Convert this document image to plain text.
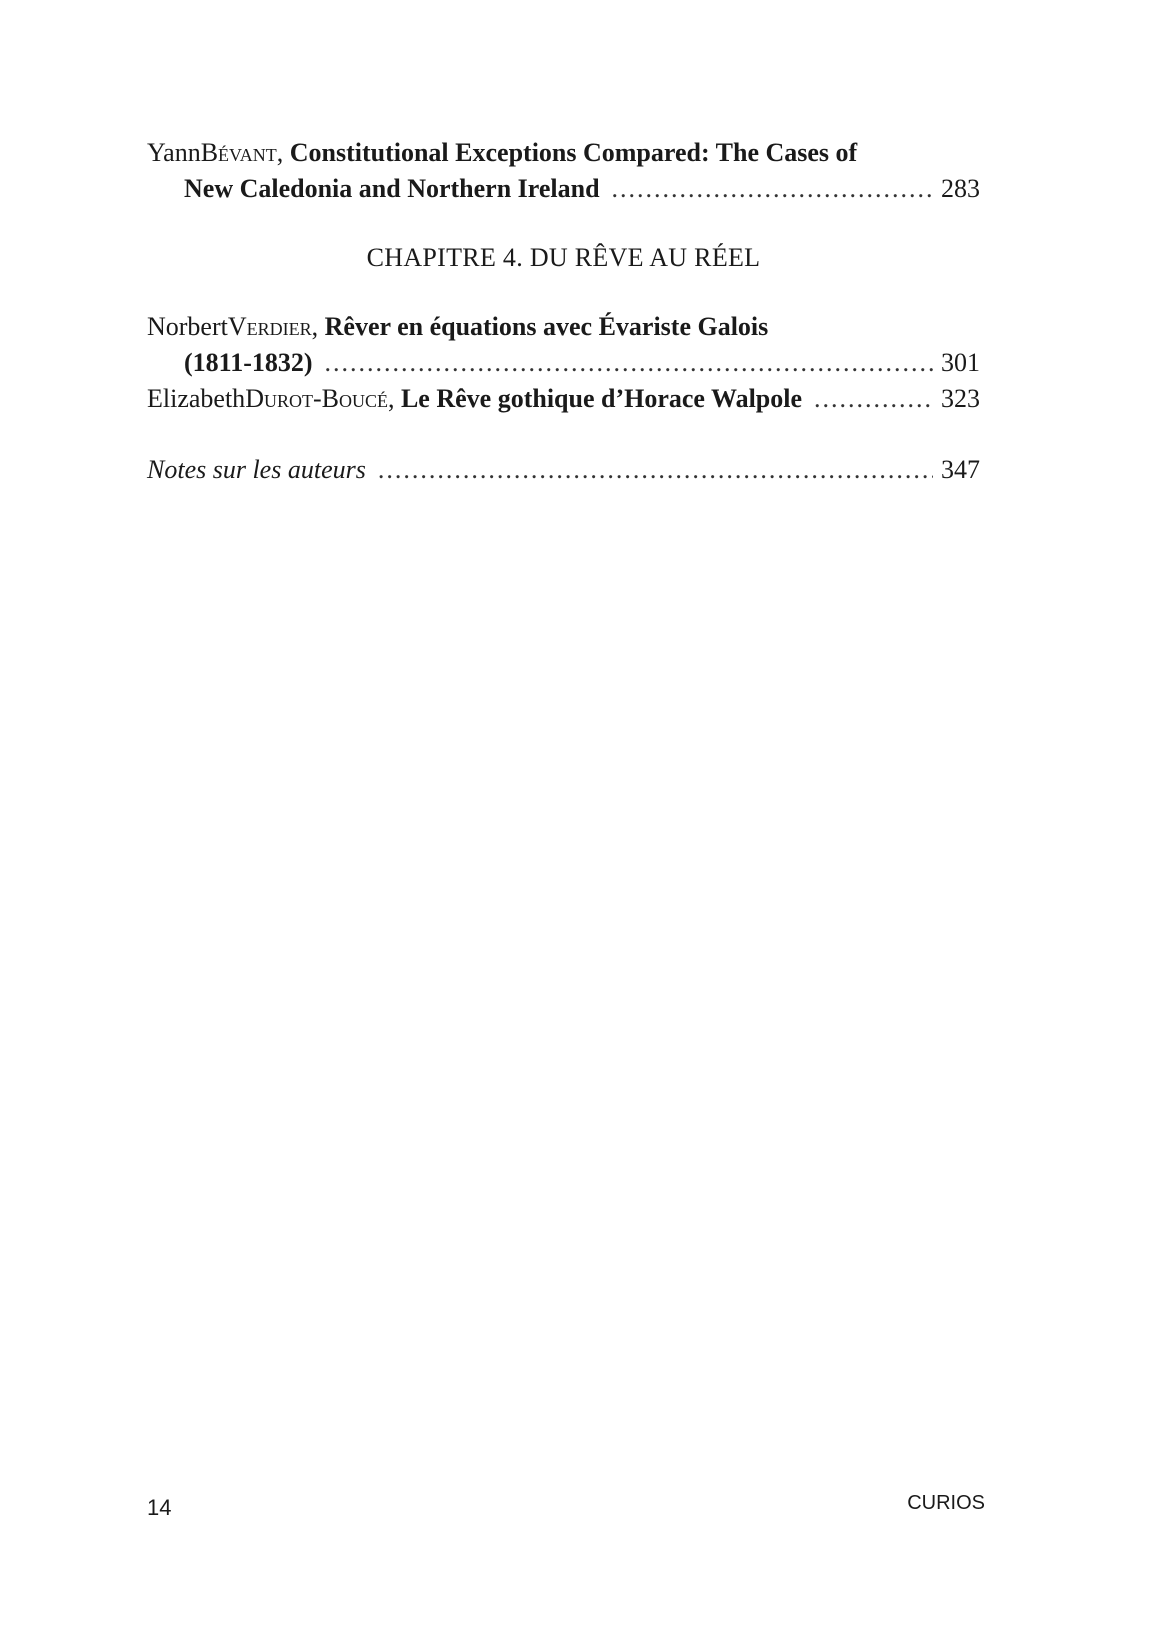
Yann Bévant , Constitutional Exceptions Compared: The Cases of
New Caledonia and Northern Ireland .....	283
CHAPITRE 4. DU RÊVE AU RÉEL
Norbert Verdier , Rêver en équations avec Évariste Galois
(1811-1832) .....	301
Elizabeth Durot-Boucé , Le Rêve gothique d’Horace Walpole .....	323
Notes sur les auteurs .....	347
14	CURIOS
